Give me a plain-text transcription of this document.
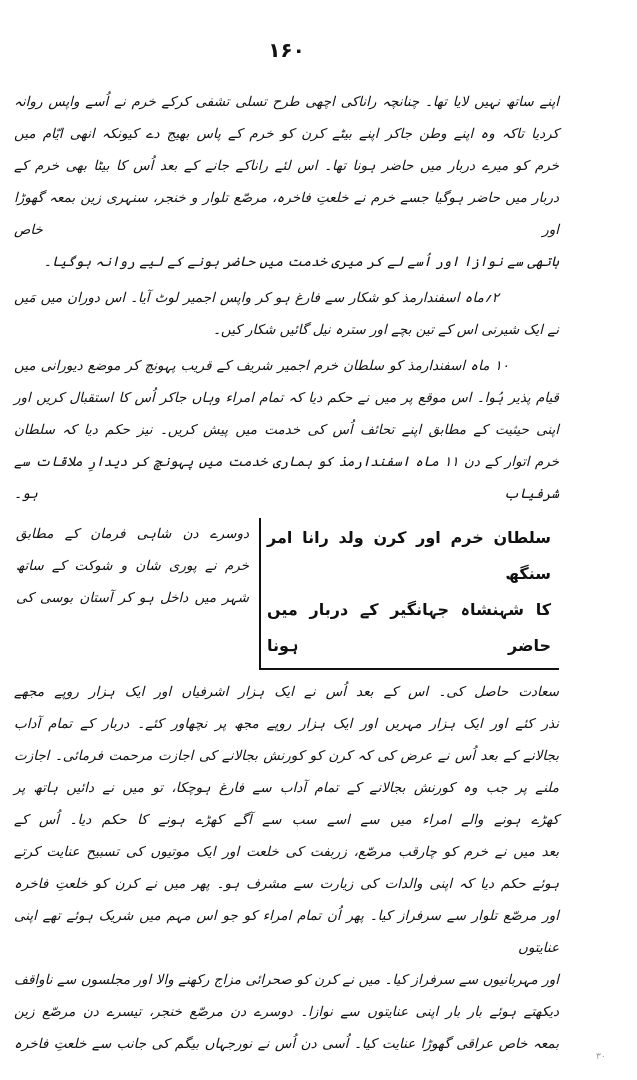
۱۶۰
اپنے ساتھ نہیں لایا تھا۔ چنانچہ راناکی اچھی طرح تسلی تشفی کرکے خرم نے اُسے واپس روانہ
کردیا تاکہ وہ اپنے وطن جاکر اپنے بیٹے کرن کو خرم کے پاس بھیج دے کیونکہ انھی ایّام میں
خرم کو میرے دربار میں حاضر ہونا تھا۔ اس لئے راناکے جانے کے بعد اُس کا بیٹا بھی خرم کے
دربار میں حاضر ہوگیا جسے خرم نے خلعتِ فاخرہ، مرصّع تلوار و خنجر، سنہری زین بمعہ گھوڑا اور خاص
ہاتھی سے نوازا اور اُسے لے کر میری خدمت میں حاضر ہونے کے لیے روانہ ہوگیا۔
۲؍ماہ اسفندارمذ کو شکار سے فارغ ہو کر واپس اجمیر لوٹ آیا۔ اس دوران میں مَیں
نے ایک شیرنی اس کے تین بچے اور سترہ نیل گائیں شکار کیں۔
۱۰ ماہ اسفندارمذ کو سلطان خرم اجمیر شریف کے قریب پہونچ کر موضع دیورانی میں
قیام پذیر ہُوا۔ اس موقع پر میں نے حکم دیا کہ تمام امراء وہاں جاکر اُس کا استقبال کریں اور
اپنی حیثیت کے مطابق اپنے تحائف اُس کی خدمت میں پیش کریں۔ نیز حکم دیا کہ سلطان
خرم اتوار کے دن ۱۱ ماہ اسفندارمذ کو ہماری خدمت میں پہونچ کر دیدارِ ملاقات سے شرفیاب ہو۔
سلطان خرم اور کرن ولد رانا امر سنگھ
کا شہنشاہ جہانگیر کے دربار میں حاضر ہونا
دوسرے دن شاہی فرمان کے مطابق
خرم نے پوری شان و شوکت کے ساتھ
شہر میں داخل ہو کر آستان بوسی کی
سعادت حاصل کی۔ اس کے بعد اُس نے ایک ہزار اشرفیاں اور ایک ہزار روپے مجھے
نذر کئے اور ایک ہزار مہریں اور ایک ہزار روپے مجھ پر نچھاور کئے۔ دربار کے تمام آداب
بجالانے کے بعد اُس نے عرض کی کہ کرن کو کورنش بجالانے کی اجازت مرحمت فرمائی۔ اجازت
ملنے پر جب وہ کورنش بجالانے کے تمام آداب سے فارغ ہوچکا، تو میں نے دائیں ہاتھ پر
کھڑے ہونے والے امراء میں سے اسے سب سے آگے کھڑے ہونے کا حکم دیا۔ اُس کے
بعد میں نے خرم کو چارقب مرصّع، زربفت کی خلعت اور ایک موتیوں کی تسبیح عنایت کرتے
ہوئے حکم دیا کہ اپنی والدات کی زیارت سے مشرف ہو۔ پھر میں نے کرن کو خلعتِ فاخرہ
اور مرصّع تلوار سے سرفراز کیا۔ پھر اُن تمام امراء کو جو اس مہم میں شریک ہوئے تھے اپنی عنایتوں
اور مہربانیوں سے سرفراز کیا۔ میں نے کرن کو صحرائی مزاج رکھنے والا اور مجلسوں سے ناواقف
دیکھتے ہوئے بار بار اپنی عنایتوں سے نوازا۔ دوسرے دن مرصّع خنجر، تیسرے دن مرصّع زین
بمعہ خاص عراقی گھوڑا عنایت کیا۔ اُسی دن اُس نے نورجہاں بیگم کی جانب سے خلعتِ فاخرہ
۳۰
